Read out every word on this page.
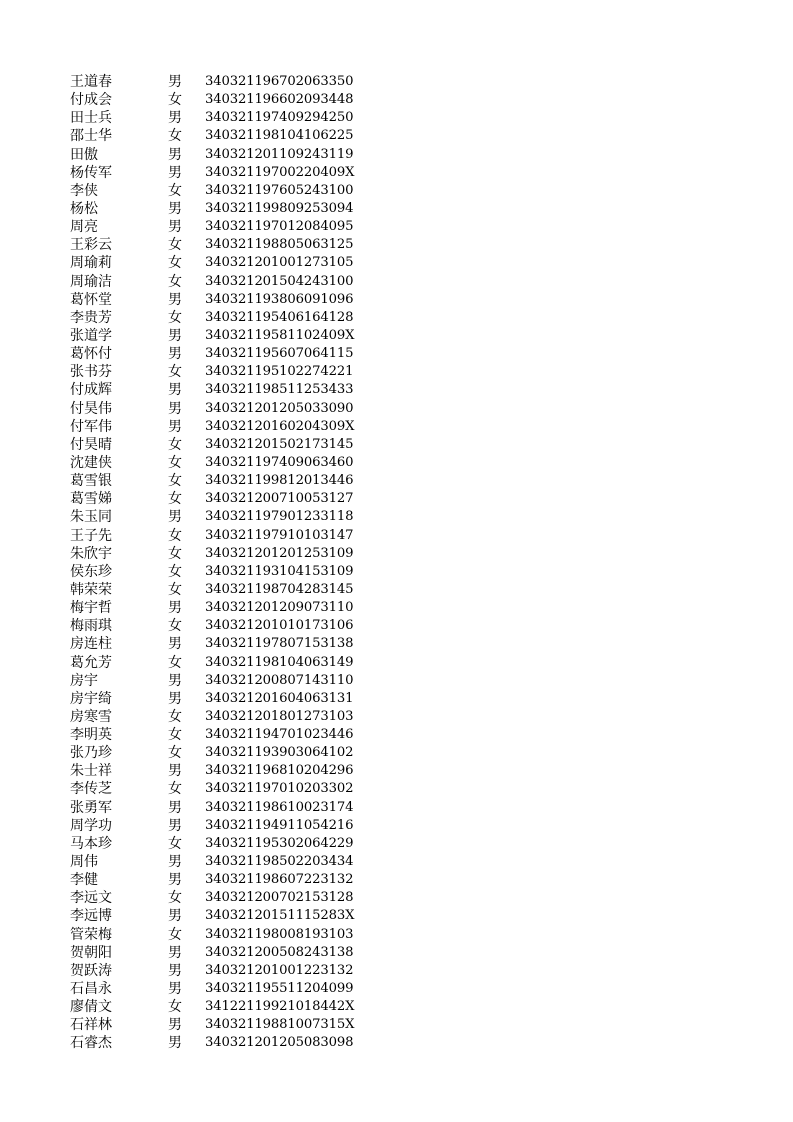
王道春	男 340321196702063350
付成会	女 340321196602093448
田士兵	男 340321197409294250
邵士华	女 340321198104106225
田傲	男 340321201109243119
杨传军	男 34032119700220409X
李侠	女 340321197605243100
杨松	男 340321199809253094
周亮	男 340321197012084095
王彩云	女 340321198805063125
周瑜莉	女 340321201001273105
周瑜洁	女 340321201504243100
葛怀堂	男 340321193806091096
李贵芳	女 340321195406164128
张道学	男 34032119581102409X
葛怀付	男 340321195607064115
张书芬	女 340321195102274221
付成辉	男 340321198511253433
付昊伟	男 340321201205033090
付军伟	男 34032120160204309X
付昊晴	女 340321201502173145
沈建侠	女 340321197409063460
葛雪银	女 340321199812013446
葛雪娣	女 340321200710053127
朱玉同	男 340321197901233118
王子先	女 340321197910103147
朱欣宇	女 340321201201253109
侯东珍	女 340321193104153109
韩荣荣	女 340321198704283145
梅宇哲	男 340321201209073110
梅雨琪	女 340321201010173106
房连柱	男 340321197807153138
葛允芳	女 340321198104063149
房宇	男 340321200807143110
房宇绮	男 340321201604063131
房寒雪	女 340321201801273103
李明英	女 340321194701023446
张乃珍	女 340321193903064102
朱士祥	男 340321196810204296
李传芝	女 340321197010203302
张勇军	男 340321198610023174
周学功	男 340321194911054216
马本珍	女 340321195302064229
周伟	男 340321198502203434
李健	男 340321198607223132
李远文	女 340321200702153128
李远博	男 34032120151115283X
管荣梅	女 340321198008193103
贺朝阳	男 340321200508243138
贺跃涛	男 340321201001223132
石昌永	男 340321195511204099
廖倩文	女 34122119921018442X
石祥林	男 34032119881007315X
石睿杰	男 340321201205083098
